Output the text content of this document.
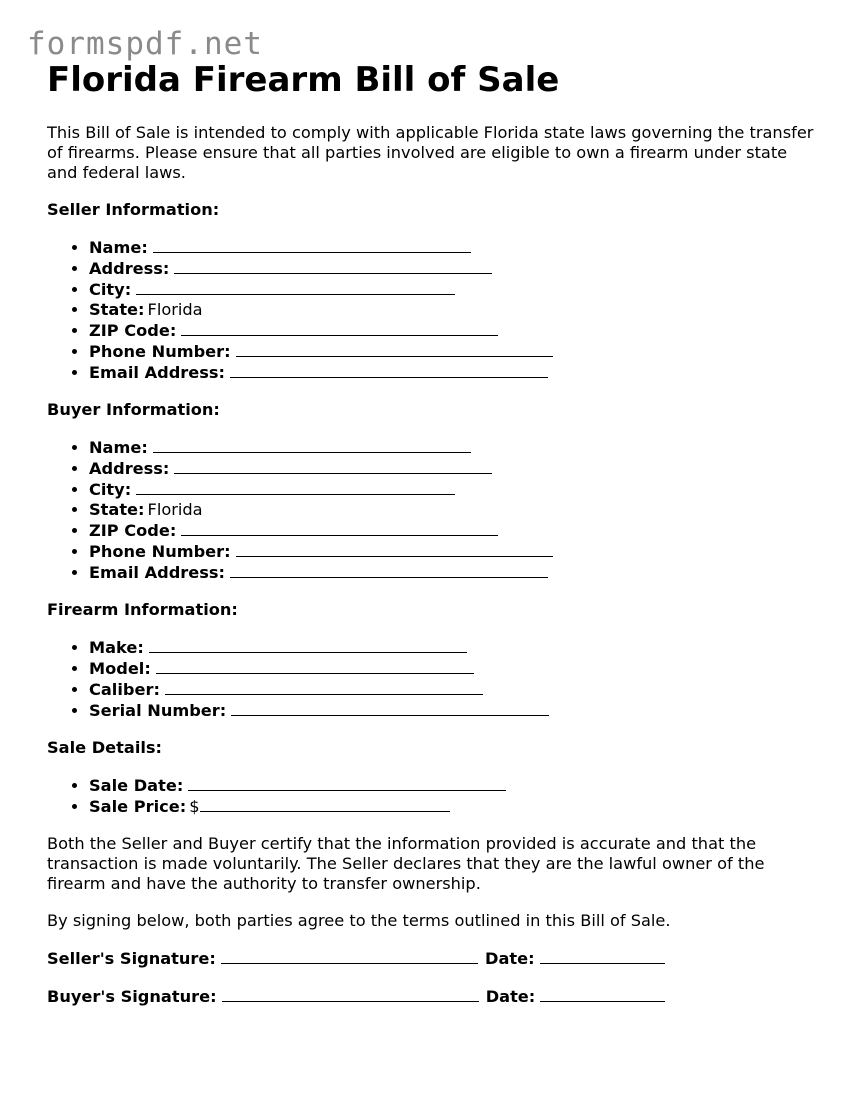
formspdf.net
Florida Firearm Bill of Sale

This Bill of Sale is intended to comply with applicable Florida state laws governing the transfer of firearms. Please ensure that all parties involved are eligible to own a firearm under state and federal laws.

Seller Information:
• Name:
• Address:
• City:
• State: Florida
• ZIP Code:
• Phone Number:
• Email Address:
Buyer Information:
• Name:
• Address:
• City:
• State: Florida
• ZIP Code:
• Phone Number:
• Email Address:
Firearm Information:
• Make:
• Model:
• Caliber:
• Serial Number:
Sale Details:
• Sale Date:
• Sale Price: $

Both the Seller and Buyer certify that the information provided is accurate and that the transaction is made voluntarily. The Seller declares that they are the lawful owner of the firearm and have the authority to transfer ownership.

By signing below, both parties agree to the terms outlined in this Bill of Sale.

Seller's Signature:	Date:
Buyer's Signature:	Date:
